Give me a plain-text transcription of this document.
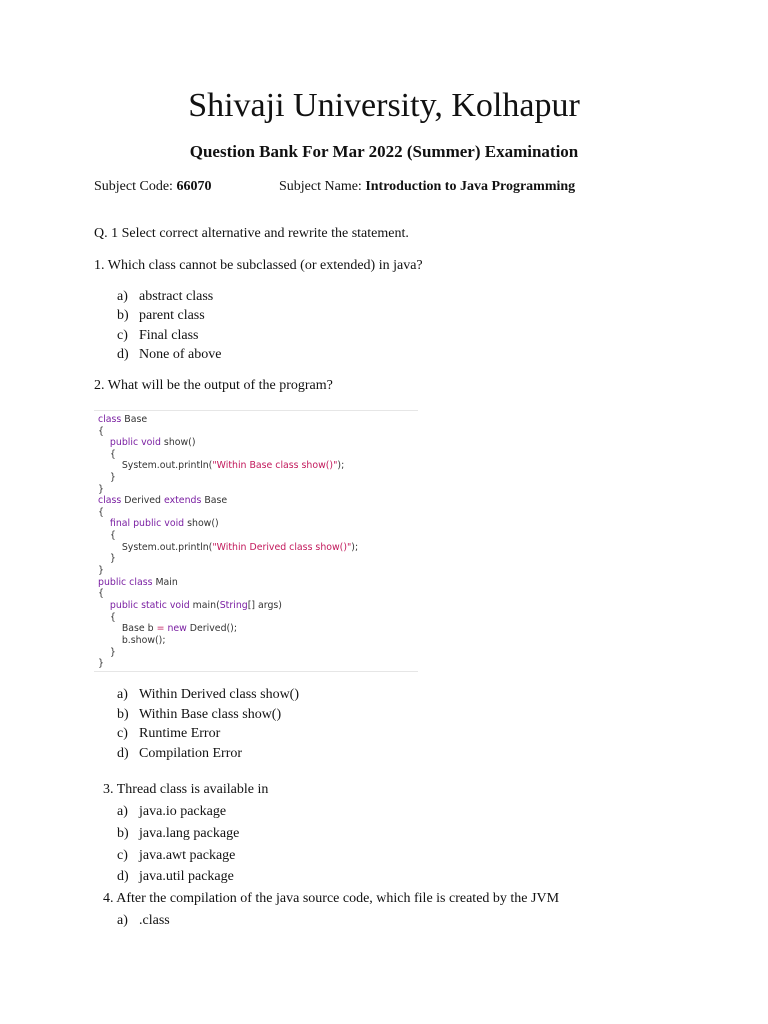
Shivaji University, Kolhapur
Question Bank For Mar 2022 (Summer) Examination
Subject Code: 66070	Subject Name: Introduction to Java Programming
Q. 1 Select correct alternative and rewrite the statement.
1. Which class cannot be subclassed (or extended) in java?
a) abstract class
b) parent class
c) Final class
d) None of above
2. What will be the output of the program?
class Base
{
public void show()
{
System.out.println("Within Base class show()");
}
}
class Derived extends Base
{
final public void show()
{
System.out.println("Within Derived class show()");
}
}
public class Main
{
public static void main(String[] args)
{
Base b = new Derived();
b.show();
}
}
a) Within Derived class show()
b) Within Base class show()
c) Runtime Error
d) Compilation Error
3. Thread class is available in
a) java.io package
b) java.lang package
c) java.awt package
d) java.util package
4. After the compilation of the java source code, which file is created by the JVM
a) .class
